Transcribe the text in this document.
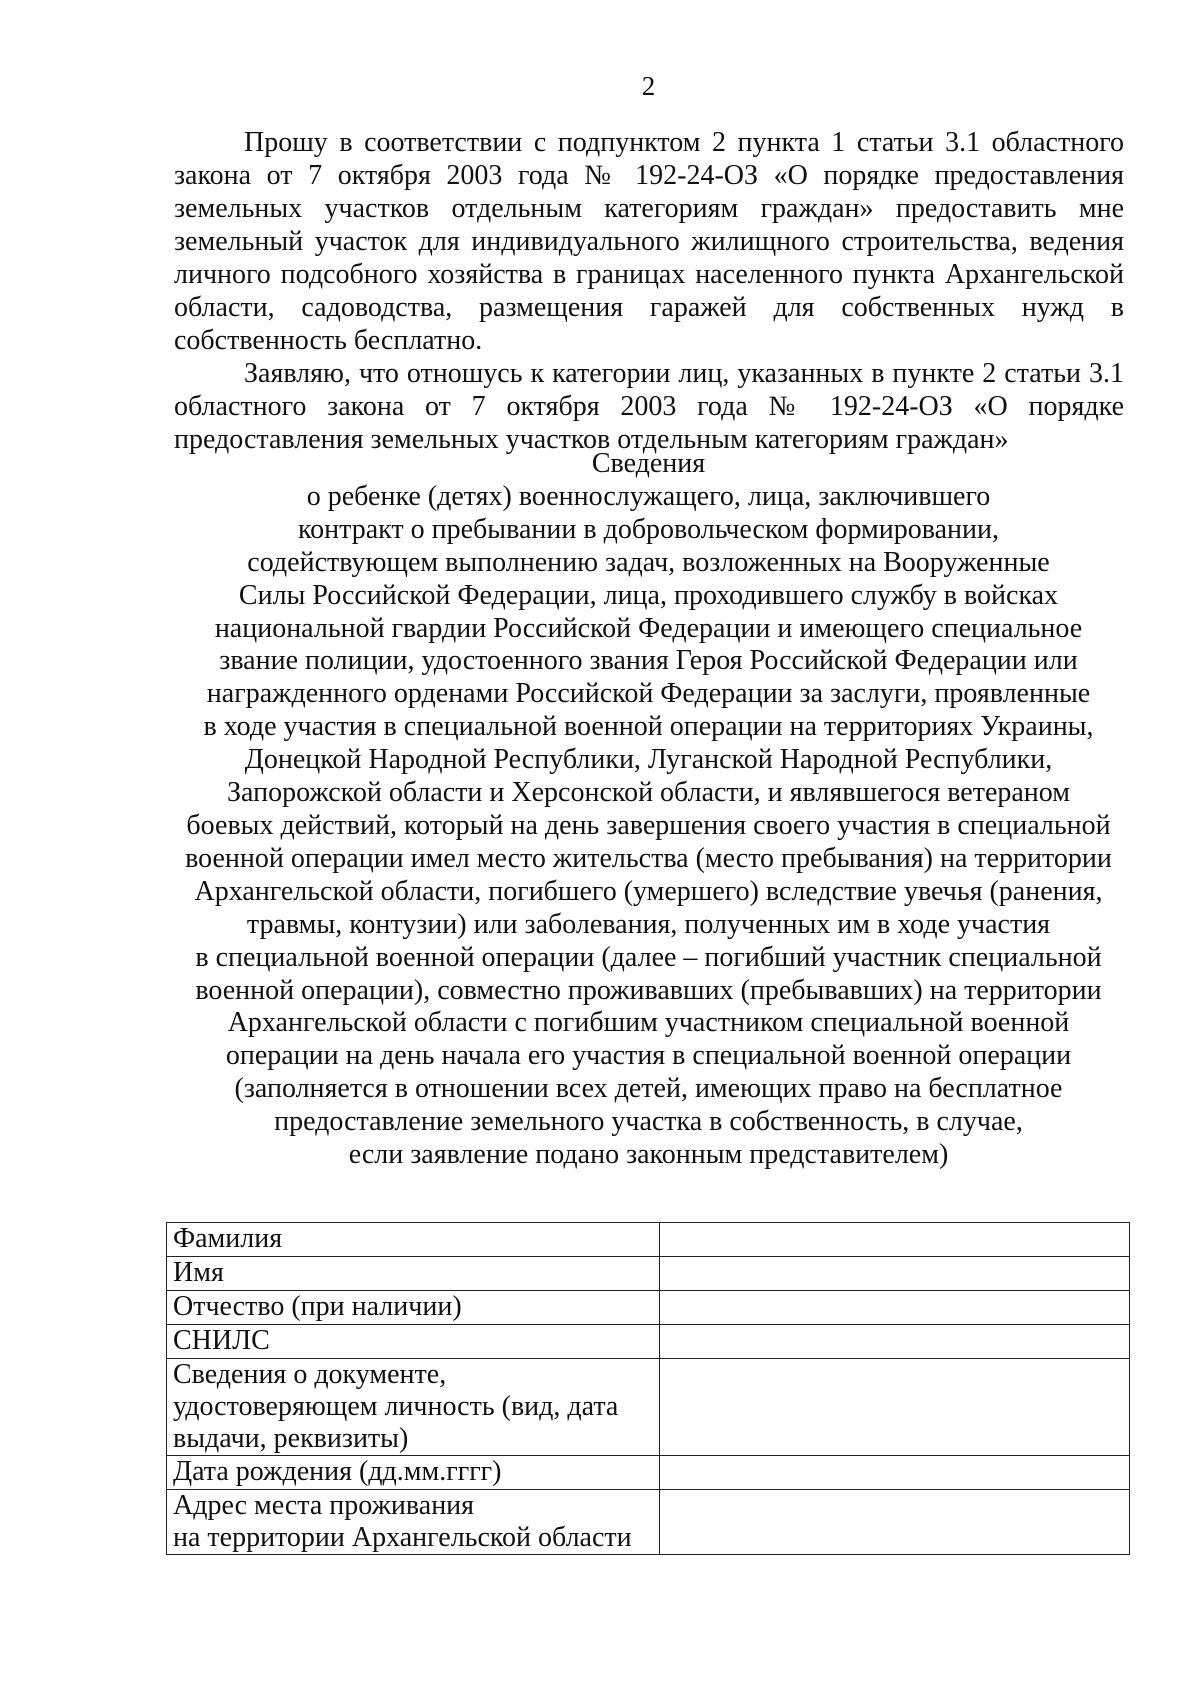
2

Прошу в соответствии с подпунктом 2 пункта 1 статьи 3.1 областного закона от 7 октября 2003 года № 192-24-ОЗ «О порядке предоставления земельных участков отдельным категориям граждан» предоставить мне земельный участок для индивидуального жилищного строительства, ведения личного подсобного хозяйства в границах населенного пункта Архангельской области, садоводства, размещения гаражей для собственных нужд в собственность бесплатно.

Заявляю, что отношусь к категории лиц, указанных в пункте 2 статьи 3.1 областного закона от 7 октября 2003 года № 192-24-ОЗ «О порядке предоставления земельных участков отдельным категориям граждан»

Сведения
о ребенке (детях) военнослужащего, лица, заключившего
контракт о пребывании в добровольческом формировании,
содействующем выполнению задач, возложенных на Вооруженные
Силы Российской Федерации, лица, проходившего службу в войсках
национальной гвардии Российской Федерации и имеющего специальное
звание полиции, удостоенного звания Героя Российской Федерации или
награжденного орденами Российской Федерации за заслуги, проявленные
в ходе участия в специальной военной операции на территориях Украины,
Донецкой Народной Республики, Луганской Народной Республики,
Запорожской области и Херсонской области, и являвшегося ветераном
боевых действий, который на день завершения своего участия в специальной
военной операции имел место жительства (место пребывания) на территории
Архангельской области, погибшего (умершего) вследствие увечья (ранения,
травмы, контузии) или заболевания, полученных им в ходе участия
в специальной военной операции (далее – погибший участник специальной
военной операции), совместно проживавших (пребывавших) на территории
Архангельской области с погибшим участником специальной военной
операции на день начала его участия в специальной военной операции
(заполняется в отношении всех детей, имеющих право на бесплатное
предоставление земельного участка в собственность, в случае,
если заявление подано законным представителем)
Фамилия	
Имя	
Отчество (при наличии)	
СНИЛС	

Сведения о документе,
удостоверяющем личность (вид, дата
выдачи, реквизиты)	

Дата рождения (дд.мм.гггг)	

Адрес места проживания
на территории Архангельской области	
